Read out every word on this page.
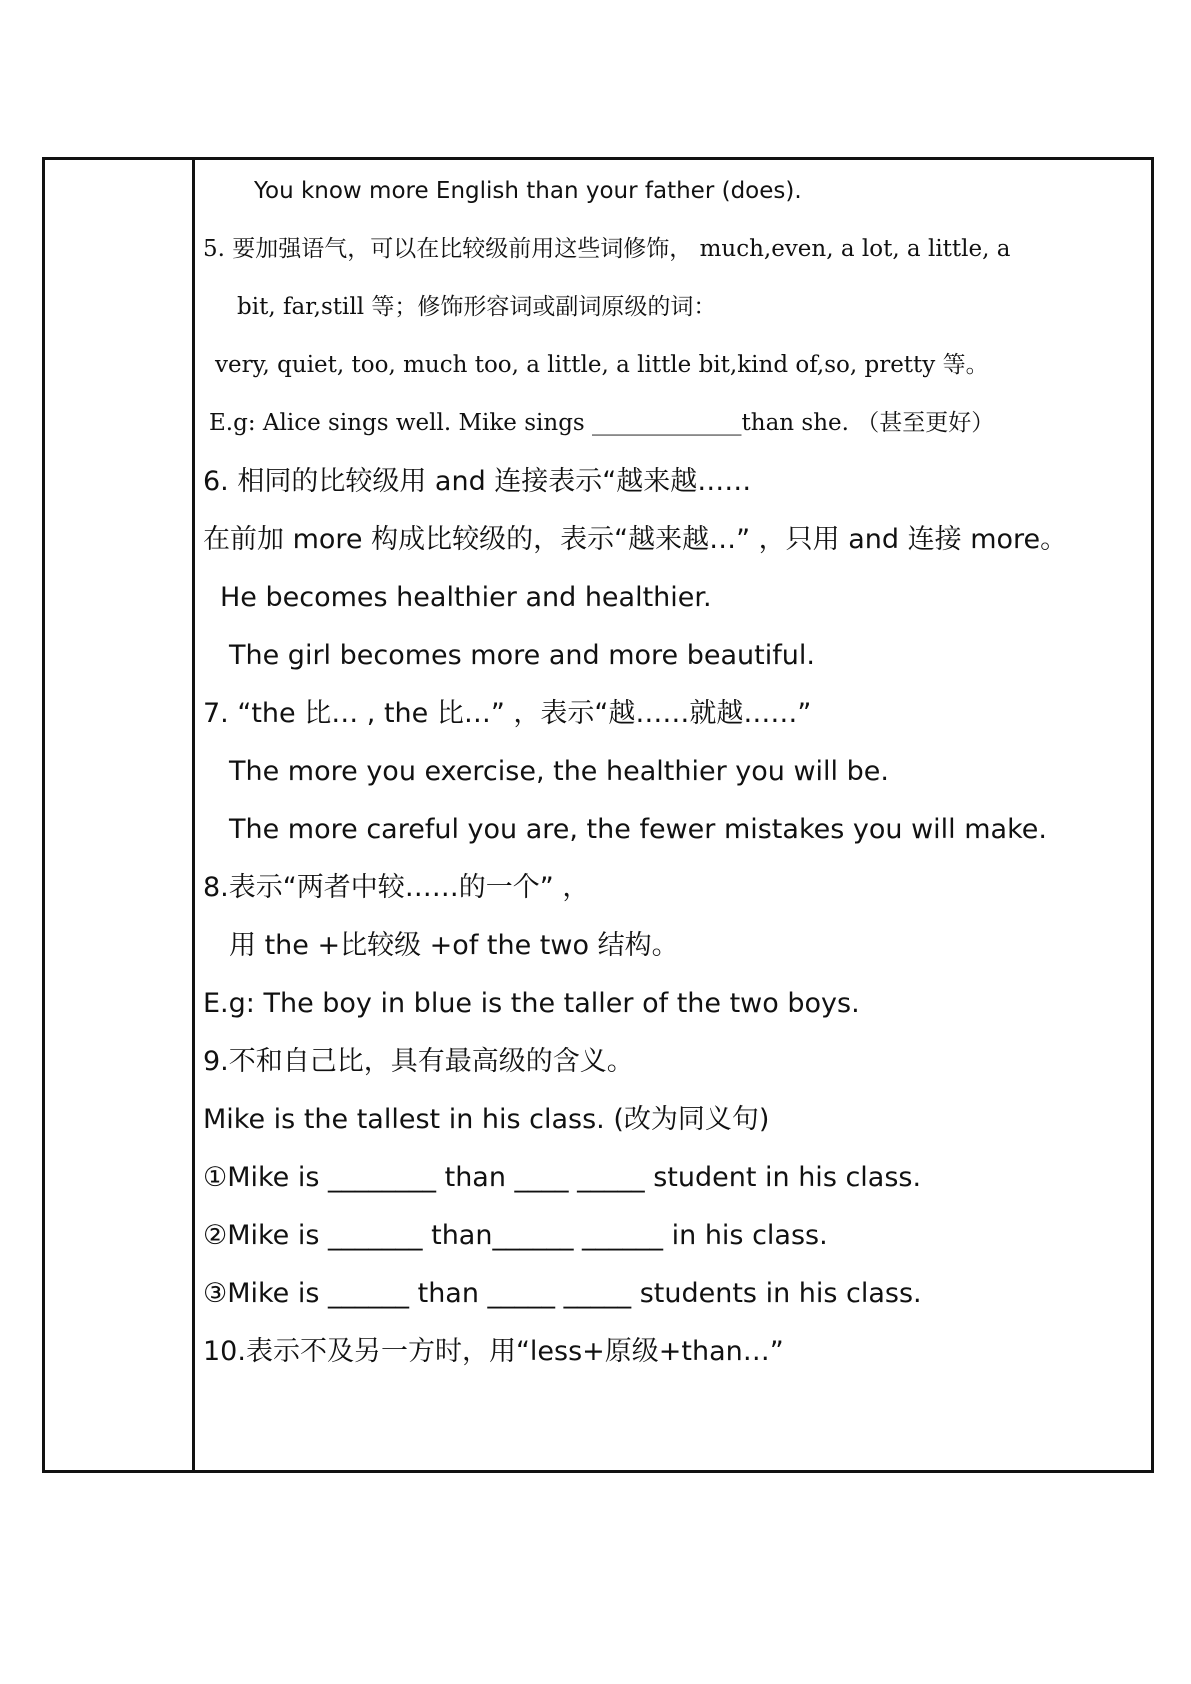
You know more English than your father (does).
5. 要加强语气，可以在比较级前用这些词修饰， much,even, a lot, a little, a
bit, far,still 等；修饰形容词或副词原级的词：
very, quiet, too, much too, a little, a little bit,kind of,so, pretty 等。
E.g: Alice sings well. Mike sings _____________than she. （甚至更好）
6. 相同的比较级用 and 连接表示“越来越……
在前加 more 构成比较级的，表示“越来越…” ，只用 and 连接 more。
He becomes healthier and healthier.
The girl becomes more and more beautiful.
7. “the 比… , the 比…” ，表示“越……就越……”
The more you exercise, the healthier you will be.
The more careful you are, the fewer mistakes you will make.
8.表示“两者中较……的一个” ，
用 the +比较级 +of the two 结构。
E.g: The boy in blue is the taller of the two boys.
9.不和自己比，具有最高级的含义。
Mike is the tallest in his class. (改为同义句)
①Mike is ________ than ____ _____ student in his class.
②Mike is _______ than______ ______ in his class.
③Mike is ______ than _____ _____ students in his class.
10.表示不及另一方时，用“less+原级+than…”
